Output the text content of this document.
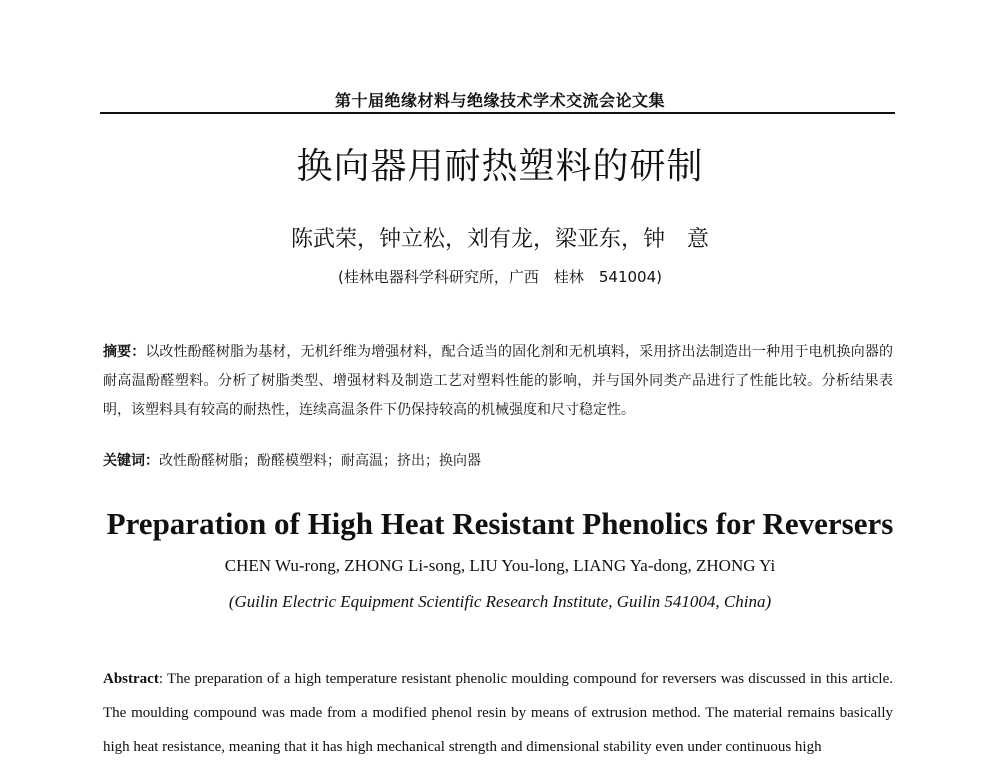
第十届绝缘材料与绝缘技术学术交流会论文集
换向器用耐热塑料的研制
陈武荣，钟立松，刘有龙，梁亚东，钟　意
(桂林电器科学科研究所，广西　桂林　541004)
摘要：以改性酚醛树脂为基材，无机纤维为增强材料，配合适当的固化剂和无机填料，采用挤出法制造出一种用于电机换向器的耐高温酚醛塑料。分析了树脂类型、增强材料及制造工艺对塑料性能的影响，并与国外同类产品进行了性能比较。分析结果表明，该塑料具有较高的耐热性，连续高温条件下仍保持较高的机械强度和尺寸稳定性。
关键词：改性酚醛树脂；酚醛模塑料；耐高温；挤出；换向器
Preparation of High Heat Resistant Phenolics for Reversers
CHEN Wu-rong, ZHONG Li-song, LIU You-long, LIANG Ya-dong, ZHONG Yi
(Guilin Electric Equipment Scientific Research Institute, Guilin 541004, China)
Abstract: The preparation of a high temperature resistant phenolic moulding compound for reversers was discussed in this article. The moulding compound was made from a modified phenol resin by means of extrusion method. The material remains basically high heat resistance, meaning that it has high mechanical strength and dimensional stability even under continuous high
